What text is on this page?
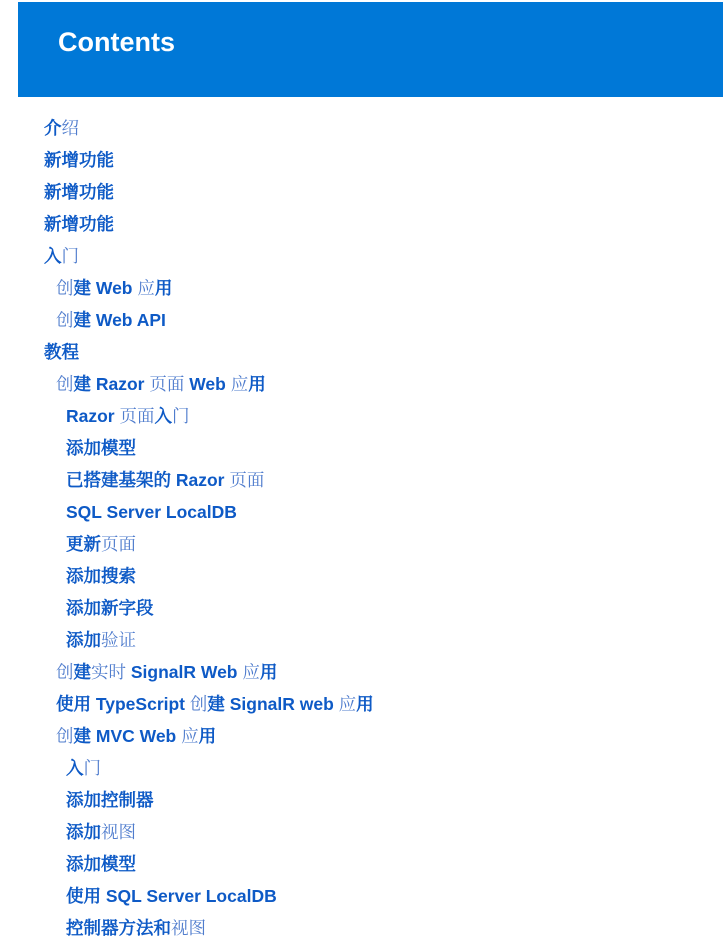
Contents
介绍
新增功能
新增功能
新增功能
入门
创建 Web 应用
创建 Web API
教程
创建 Razor 页面 Web 应用
Razor 页面入门
添加模型
已搭建基架的 Razor 页面
SQL Server LocalDB
更新页面
添加搜索
添加新字段
添加验证
创建实时 SignalR Web 应用
使用 TypeScript 创建 SignalR web 应用
创建 MVC Web 应用
入门
添加控制器
添加视图
添加模型
使用 SQL Server LocalDB
控制器方法和视图
